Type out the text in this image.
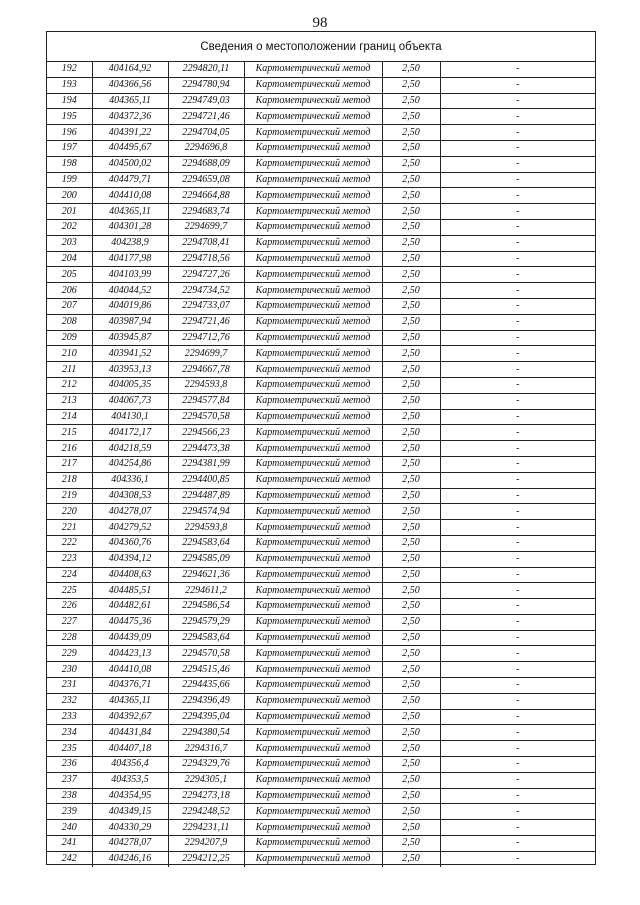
98
Сведения о местоположении границ объекта
192	404164,92	2294820,11	Картометрический метод	2,50	-
193	404366,56	2294780,94	Картометрический метод	2,50	-
194	404365,11	2294749,03	Картометрический метод	2,50	-
195	404372,36	2294721,46	Картометрический метод	2,50	-
196	404391,22	2294704,05	Картометрический метод	2,50	-
197	404495,67	2294696,8	Картометрический метод	2,50	-
198	404500,02	2294688,09	Картометрический метод	2,50	-
199	404479,71	2294659,08	Картометрический метод	2,50	-
200	404410,08	2294664,88	Картометрический метод	2,50	-
201	404365,11	2294683,74	Картометрический метод	2,50	-
202	404301,28	2294699,7	Картометрический метод	2,50	-
203	404238,9	2294708,41	Картометрический метод	2,50	-
204	404177,98	2294718,56	Картометрический метод	2,50	-
205	404103,99	2294727,26	Картометрический метод	2,50	-
206	404044,52	2294734,52	Картометрический метод	2,50	-
207	404019,86	2294733,07	Картометрический метод	2,50	-
208	403987,94	2294721,46	Картометрический метод	2,50	-
209	403945,87	2294712,76	Картометрический метод	2,50	-
210	403941,52	2294699,7	Картометрический метод	2,50	-
211	403953,13	2294667,78	Картометрический метод	2,50	-
212	404005,35	2294593,8	Картометрический метод	2,50	-
213	404067,73	2294577,84	Картометрический метод	2,50	-
214	404130,1	2294570,58	Картометрический метод	2,50	-
215	404172,17	2294566,23	Картометрический метод	2,50	-
216	404218,59	2294473,38	Картометрический метод	2,50	-
217	404254,86	2294381,99	Картометрический метод	2,50	-
218	404336,1	2294400,85	Картометрический метод	2,50	-
219	404308,53	2294487,89	Картометрический метод	2,50	-
220	404278,07	2294574,94	Картометрический метод	2,50	-
221	404279,52	2294593,8	Картометрический метод	2,50	-
222	404360,76	2294583,64	Картометрический метод	2,50	-
223	404394,12	2294585,09	Картометрический метод	2,50	-
224	404408,63	2294621,36	Картометрический метод	2,50	-
225	404485,51	2294611,2	Картометрический метод	2,50	-
226	404482,61	2294586,54	Картометрический метод	2,50	-
227	404475,36	2294579,29	Картометрический метод	2,50	-
228	404439,09	2294583,64	Картометрический метод	2,50	-
229	404423,13	2294570,58	Картометрический метод	2,50	-
230	404410,08	2294515,46	Картометрический метод	2,50	-
231	404376,71	2294435,66	Картометрический метод	2,50	-
232	404365,11	2294396,49	Картометрический метод	2,50	-
233	404392,67	2294395,04	Картометрический метод	2,50	-
234	404431,84	2294380,54	Картометрический метод	2,50	-
235	404407,18	2294316,7	Картометрический метод	2,50	-
236	404356,4	2294329,76	Картометрический метод	2,50	-
237	404353,5	2294305,1	Картометрический метод	2,50	-
238	404354,95	2294273,18	Картометрический метод	2,50	-
239	404349,15	2294248,52	Картометрический метод	2,50	-
240	404330,29	2294231,11	Картометрический метод	2,50	-
241	404278,07	2294207,9	Картометрический метод	2,50	-
242	404246,16	2294212,25	Картометрический метод	2,50	-
